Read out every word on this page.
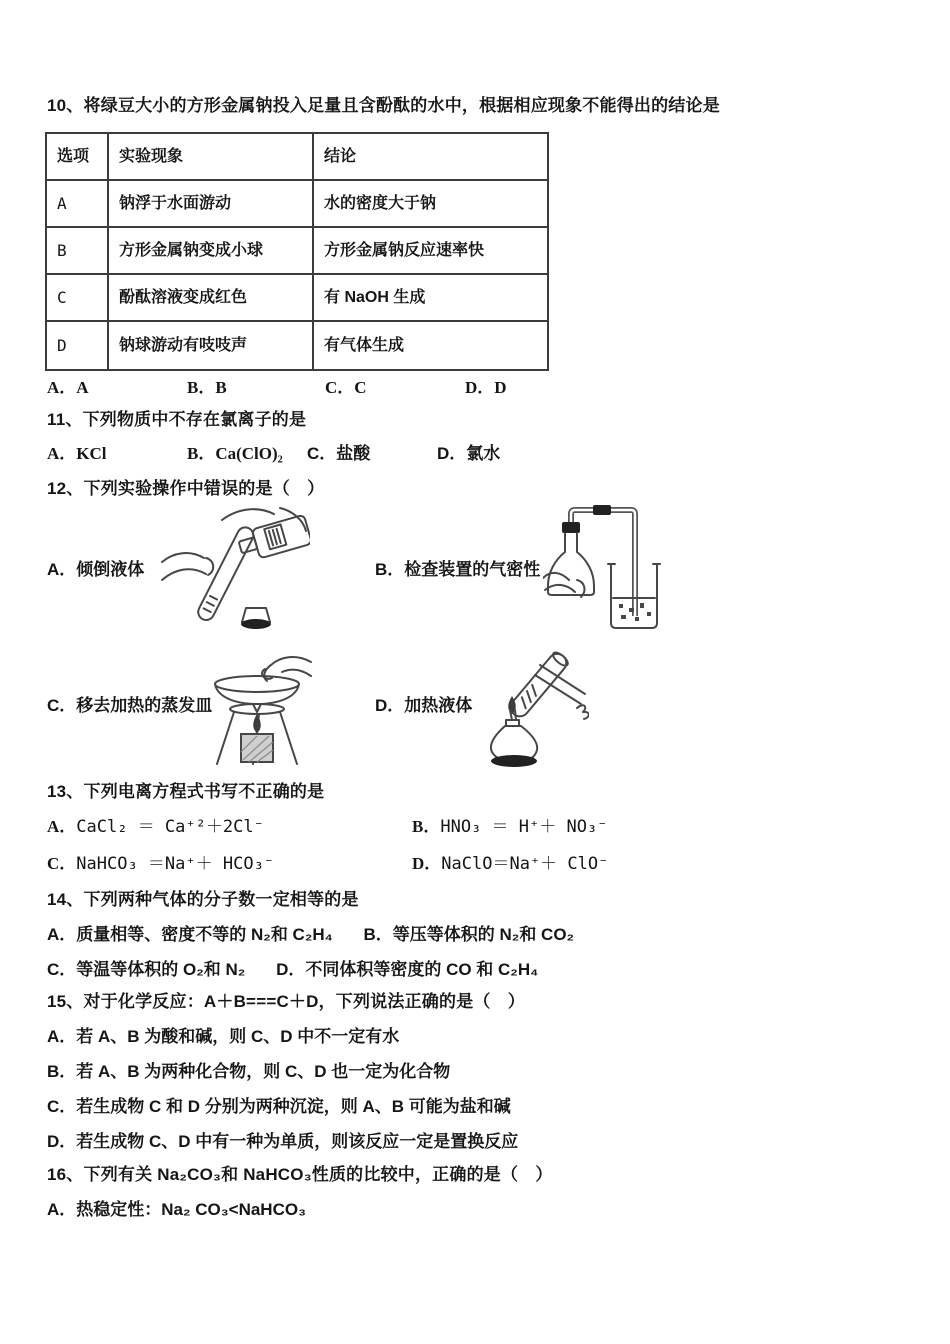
10、将绿豆大小的方形金属钠投入足量且含酚酞的水中，根据相应现象不能得出的结论是
选项	实验现象	结论
A	钠浮于水面游动	水的密度大于钠
B	方形金属钠变成小球	方形金属钠反应速率快
C	酚酞溶液变成红色	有 NaOH 生成
D	钠球游动有吱吱声	有气体生成
A．A	B．B	C．C	D．D
11、下列物质中不存在氯离子的是
A．KCl	B．Ca(ClO)₂ C．盐酸	D．氯水
12、下列实验操作中错误的是（　）
A．倾倒液体	B．检查装置的气密性
C．移去加热的蒸发皿	D．加热液体
13、下列电离方程式书写不正确的是
A．CaCl₂ ＝ Ca⁺²＋2Cl⁻	B．HNO₃ ＝ H⁺＋ NO₃⁻
C．NaHCO₃ ＝Na⁺＋ HCO₃⁻	D．NaClO＝Na⁺＋ ClO⁻
14、下列两种气体的分子数一定相等的是
A．质量相等、密度不等的 N₂和 C₂H₄ B．等压等体积的 N₂和 CO₂
C．等温等体积的 O₂和 N₂ D．不同体积等密度的 CO 和 C₂H₄
15、对于化学反应：A＋B===C＋D，下列说法正确的是（　）
A．若 A、B 为酸和碱，则 C、D 中不一定有水
B．若 A、B 为两种化合物，则 C、D 也一定为化合物
C．若生成物 C 和 D 分别为两种沉淀，则 A、B 可能为盐和碱
D．若生成物 C、D 中有一种为单质，则该反应一定是置换反应
16、下列有关 Na₂CO₃和 NaHCO₃性质的比较中，正确的是（　）
A．热稳定性：Na₂ CO₃<NaHCO₃
